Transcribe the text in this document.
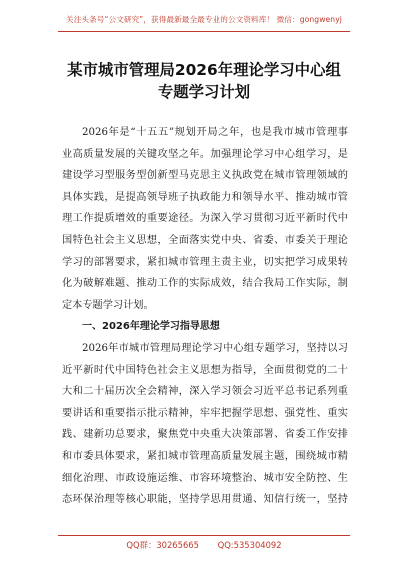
关注头条号“公文研究”，获得最新最全最专业的公文资料库！ 微信：gongwenyj
某市城市管理局2026年理论学习中心组
专题学习计划
2026年是“十五五”规划开局之年，也是我市城市管理事
业高质量发展的关键攻坚之年。加强理论学习中心组学习，是
建设学习型服务型创新型马克思主义执政党在城市管理领域的
具体实践，是提高领导班子执政能力和领导水平、推动城市管
理工作提质增效的重要途径。为深入学习贯彻习近平新时代中
国特色社会主义思想，全面落实党中央、省委、市委关于理论
学习的部署要求，紧扣城市管理主责主业，切实把学习成果转
化为破解难题、推动工作的实际成效，结合我局工作实际，制
定本专题学习计划。
一、2026年理论学习指导思想
2026年市城市管理局理论学习中心组专题学习，坚持以习
近平新时代中国特色社会主义思想为指导，全面贯彻党的二十
大和二十届历次全会精神，深入学习领会习近平总书记系列重
要讲话和重要指示批示精神，牢牢把握学思想、强党性、重实
践、建新功总要求，聚焦党中央重大决策部署、省委工作安排
和市委具体要求，紧扣城市管理高质量发展主题，围绕城市精
细化治理、市政设施运维、市容环境整治、城市安全防控、生
态环保治理等核心职能，坚持学思用贯通、知信行统一，坚持
QQ群：30265665 QQ:535304092
